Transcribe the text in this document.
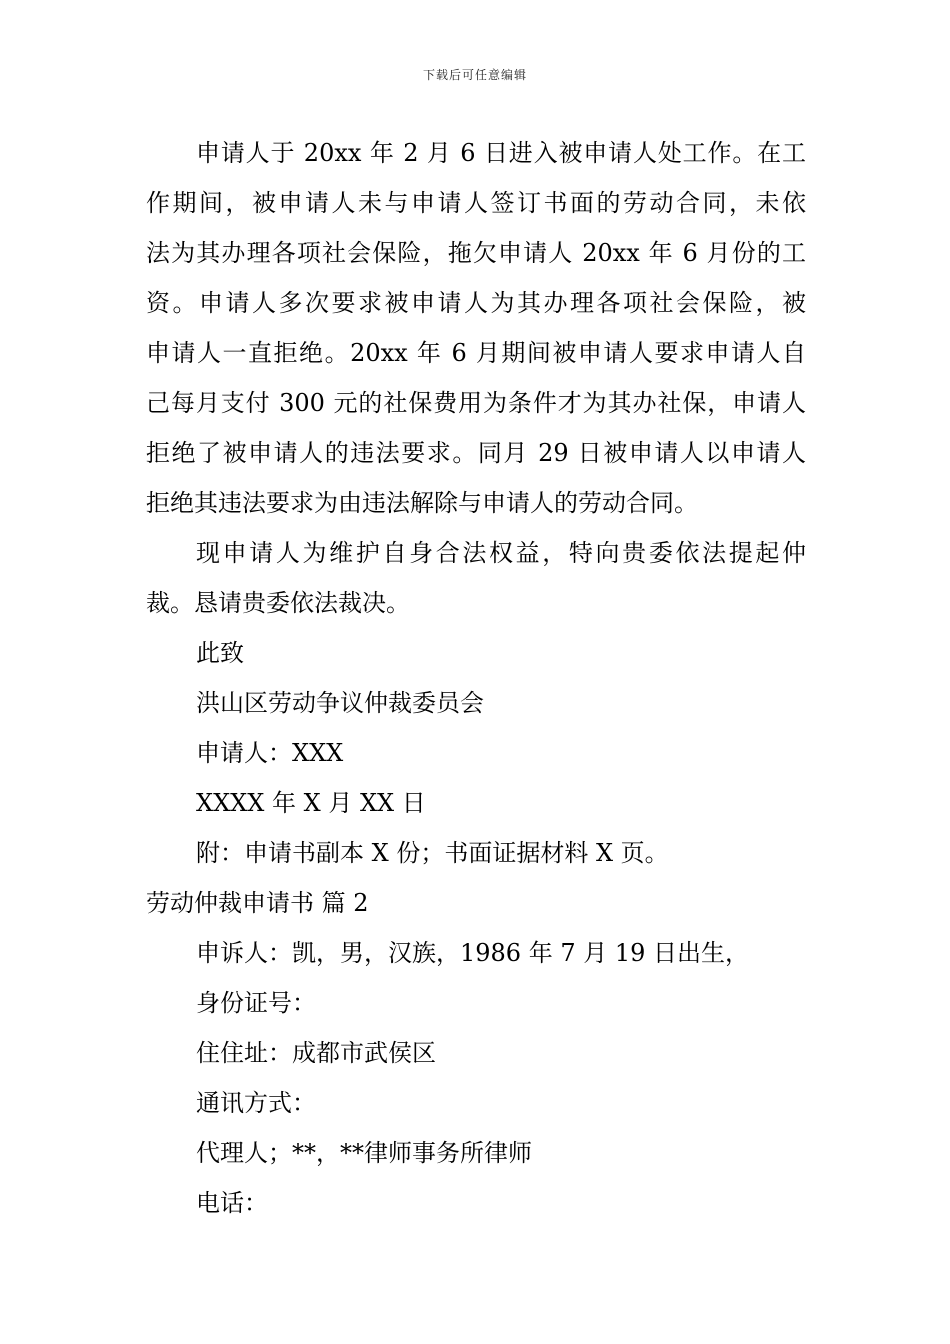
下载后可任意编辑
申请人于 20xx 年 2 月 6 日进入被申请人处工作。在工
作期间，被申请人未与申请人签订书面的劳动合同，未依
法为其办理各项社会保险，拖欠申请人 20xx 年 6 月份的工
资。申请人多次要求被申请人为其办理各项社会保险，被
申请人一直拒绝。20xx 年 6 月期间被申请人要求申请人自
己每月支付 300 元的社保费用为条件才为其办社保，申请人
拒绝了被申请人的违法要求。同月 29 日被申请人以申请人
拒绝其违法要求为由违法解除与申请人的劳动合同。
现申请人为维护自身合法权益，特向贵委依法提起仲
裁。恳请贵委依法裁决。
此致
洪山区劳动争议仲裁委员会
申请人：XXX
XXXX 年 X 月 XX 日
附：申请书副本 X 份；书面证据材料 X 页。
劳动仲裁申请书 篇 2
申诉人：凯，男，汉族，1986 年 7 月 19 日出生，
身份证号：
住住址：成都市武侯区
通讯方式：
代理人；**，**律师事务所律师
电话：
